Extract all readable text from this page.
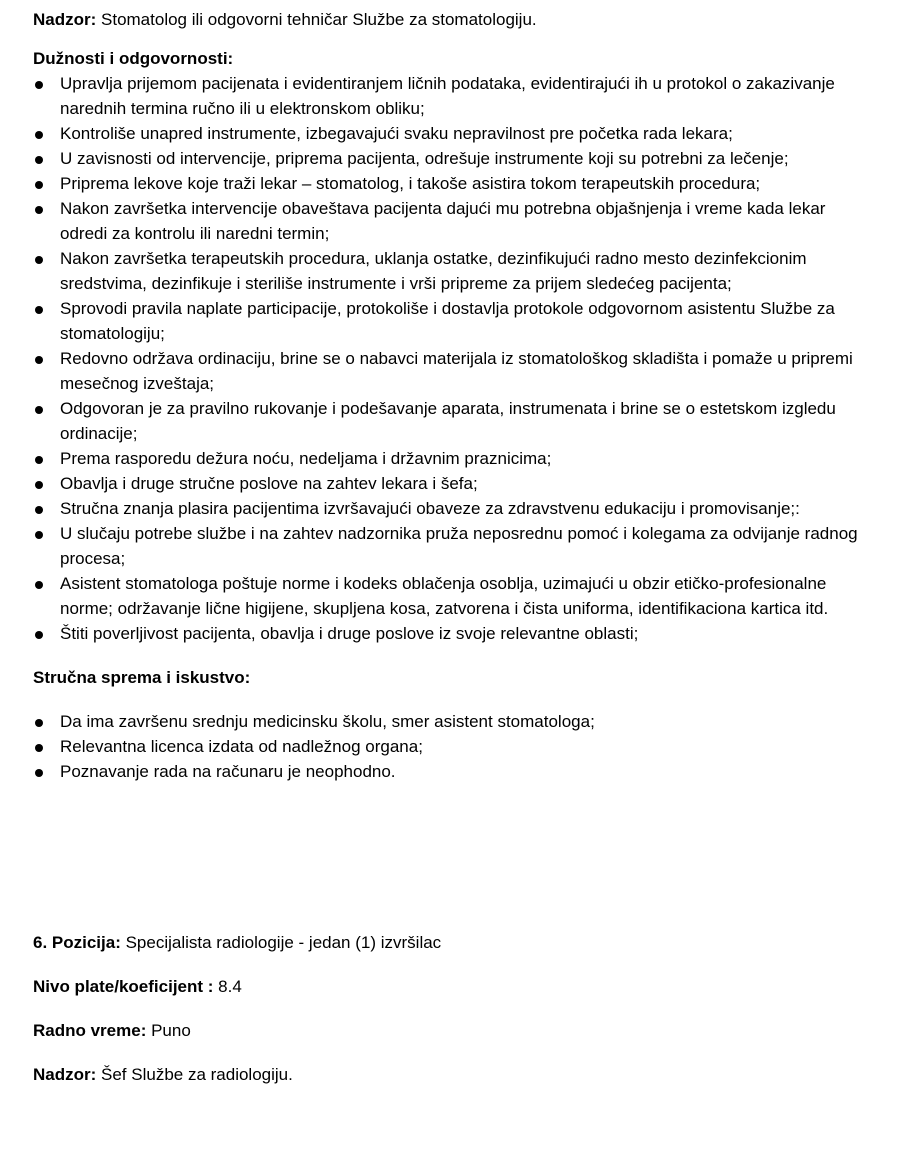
Nadzor: Stomatolog ili odgovorni tehničar Službe za stomatologiju.

Dužnosti i odgovornosti:

Upravlja prijemom pacijenata i evidentiranjem ličnih podataka, evidentirajući ih u protokol o zakazivanje narednih termina ručno ili u elektronskom obliku;
Kontroliše unapred instrumente, izbegavajući svaku nepravilnost pre početka rada lekara;
U zavisnosti od intervencije, priprema pacijenta, odrešuje instrumente koji su potrebni za lečenje;
Priprema lekove koje traži lekar – stomatolog, i takoše asistira tokom terapeutskih procedura;
Nakon završetka intervencije obaveštava pacijenta dajući mu potrebna objašnjenja i vreme kada lekar odredi za kontrolu ili naredni termin;
Nakon završetka terapeutskih procedura, uklanja ostatke, dezinfikujući radno mesto dezinfekcionim sredstvima, dezinfikuje i steriliše instrumente i vrši pripreme za prijem sledećeg pacijenta;
Sprovodi pravila naplate participacije, protokoliše i dostavlja protokole odgovornom asistentu Službe za stomatologiju;
Redovno održava ordinaciju, brine se o nabavci materijala iz stomatološkog skladišta i pomaže u pripremi mesečnog izveštaja;
Odgovoran je za pravilno rukovanje i podešavanje aparata, instrumenata i brine se o estetskom izgledu ordinacije;
Prema rasporedu dežura noću, nedeljama i državnim praznicima;
Obavlja i druge stručne poslove na zahtev lekara i šefa;
Stručna znanja plasira pacijentima izvršavajući obaveze za zdravstvenu edukaciju i promovisanje;:
U slučaju potrebe službe i na zahtev nadzornika pruža neposrednu pomoć i kolegama za odvijanje radnog procesa;
Asistent stomatologa poštuje norme i kodeks oblačenja osoblja, uzimajući u obzir etičko-profesionalne norme; održavanje lične higijene, skupljena kosa, zatvorena i čista uniforma, identifikaciona kartica itd.
Štiti poverljivost pacijenta, obavlja i druge poslove iz svoje relevantne oblasti;

Stručna sprema i iskustvo:

Da ima završenu srednju medicinsku školu, smer asistent stomatologa;
Relevantna licenca izdata od nadležnog organa;
Poznavanje rada na računaru je neophodno.

6. Pozicija: Specijalista radiologije - jedan (1) izvršilac

Nivo plate/koeficijent : 8.4

Radno vreme: Puno

Nadzor: Šef Službe za radiologiju.
